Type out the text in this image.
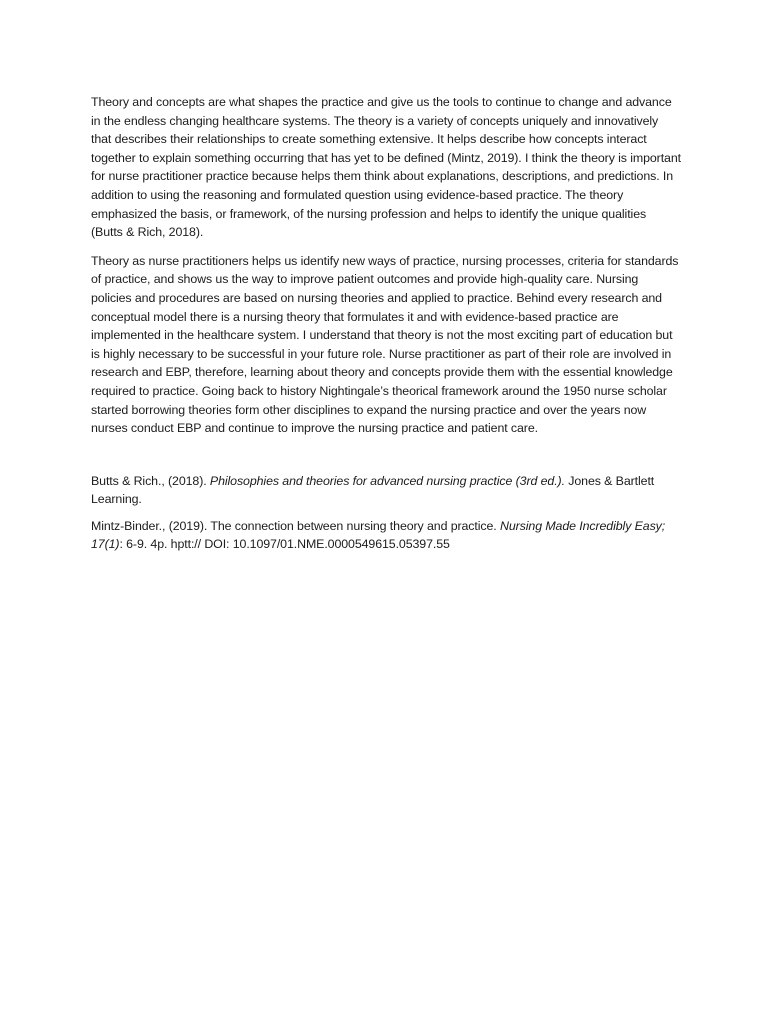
Theory and concepts are what shapes the practice and give us the tools to continue to change and advance in the endless changing healthcare systems. The theory is a variety of concepts uniquely and innovatively that describes their relationships to create something extensive. It helps describe how concepts interact together to explain something occurring that has yet to be defined (Mintz, 2019). I think the theory is important for nurse practitioner practice because helps them think about explanations, descriptions, and predictions. In addition to using the reasoning and formulated question using evidence-based practice. The theory emphasized the basis, or framework, of the nursing profession and helps to identify the unique qualities (Butts & Rich, 2018).

Theory as nurse practitioners helps us identify new ways of practice, nursing processes, criteria for standards of practice, and shows us the way to improve patient outcomes and provide high-quality care. Nursing policies and procedures are based on nursing theories and applied to practice. Behind every research and conceptual model there is a nursing theory that formulates it and with evidence-based practice are implemented in the healthcare system. I understand that theory is not the most exciting part of education but is highly necessary to be successful in your future role. Nurse practitioner as part of their role are involved in research and EBP, therefore, learning about theory and concepts provide them with the essential knowledge required to practice. Going back to history Nightingale’s theorical framework around the 1950 nurse scholar started borrowing theories form other disciplines to expand the nursing practice and over the years now nurses conduct EBP and continue to improve the nursing practice and patient care.

Butts & Rich., (2018). Philosophies and theories for advanced nursing practice (3rd ed.). Jones & Bartlett Learning.

Mintz-Binder., (2019). The connection between nursing theory and practice. Nursing Made Incredibly Easy; 17(1): 6-9. 4p. hptt:// DOI: 10.1097/01.NME.0000549615.05397.55
